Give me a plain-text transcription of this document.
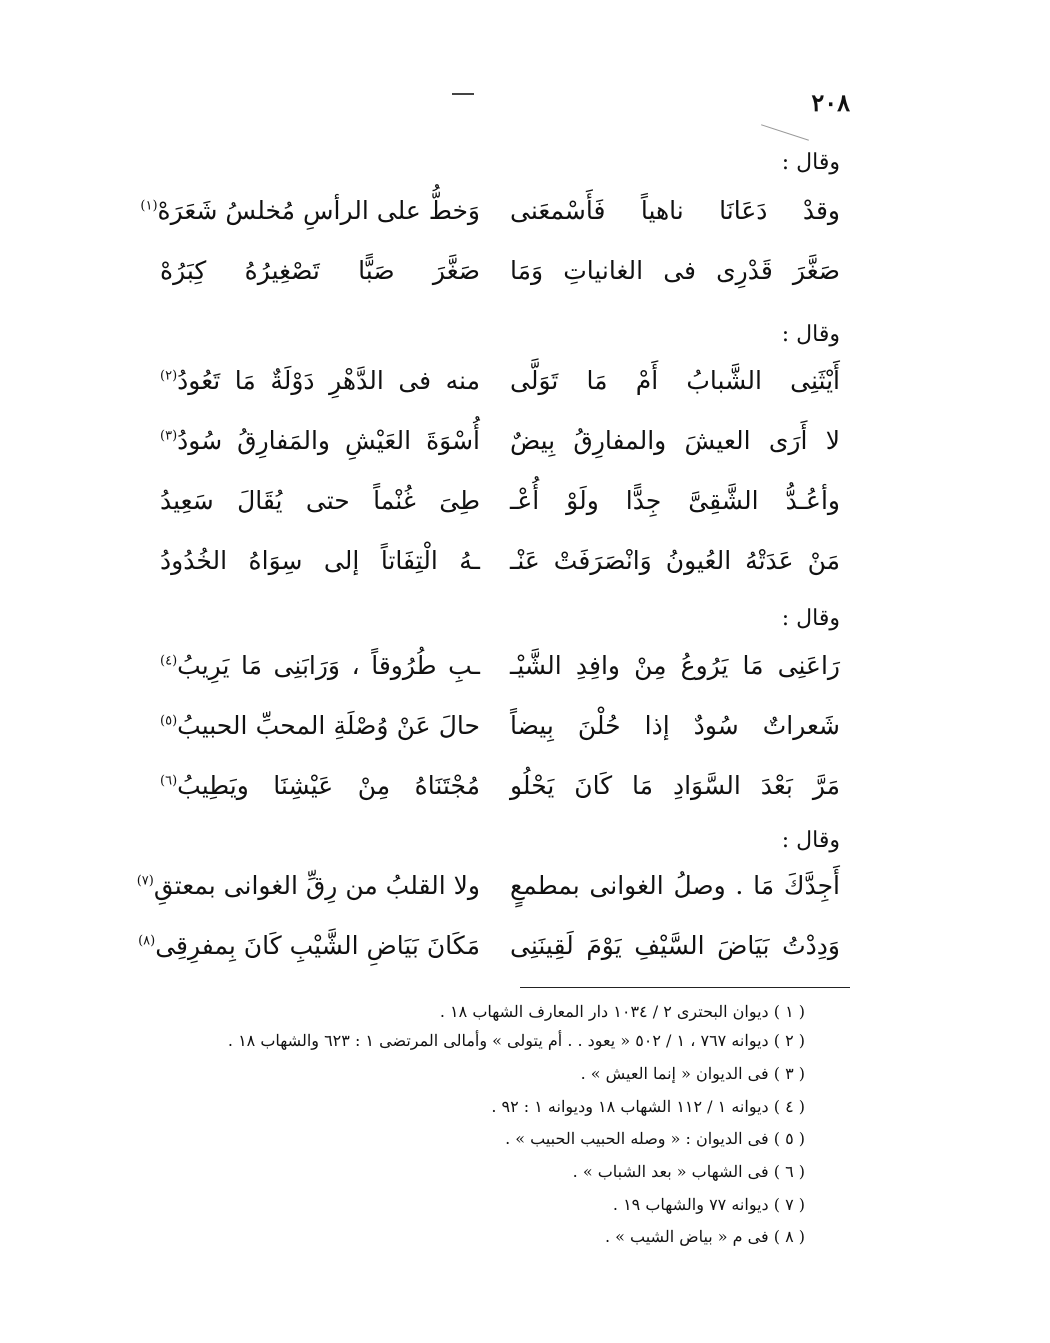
٢٠٨
وقال :
وقدْ دَعَانَا ناهياً فَأَسْمعَنى
وَخطُّ على الرأسِ مُخلسُ شَعَرَهْ$^{(١)}$
صَغَّرَ قَدْرِى فى الغانياتِ وَمَا
صَغَّرَ صَبًّا تَصْغِيرُهُ كِبَرُهْ
وقال :
أَيْثَنِى الشَّبابُ أَمْ مَا تَوَلَّى
منه فى الدَّهْرِ دَوْلَةٌ مَا تَعُودُ$^{(٢)}$
لا أَرَى العيشَ والمفارِقُ بِيضٌ
أُسْوَةَ العَيْشِ والمَفارِقُ سُودُ$^{(٣)}$
وأعُـدُّ الشَّقِىَّ جِدًّا ولَوْ أُعْـ
طِىَ غُنْماً حتى يُقَالَ سَعِيدُ
مَنْ عَدَتْهُ العُيونُ وَانْصَرَفَتْ عَنْـ
ـهُ الْتِفَاتاً إلى سِوَاهُ الخُدُودُ
وقال :
رَاعَنِى مَا يَرُوعُ مِنْ وافِدِ الشَّيْـ
ـبِ طُرُوقاً ، وَرَابَنِى مَا يَرِيبُ$^{(٤)}$
شَعراتٌ سُودٌ إذا حُلْنَ بِيضاً
حالَ عَنْ وُصْلَةِ المحبِّ الحبيبُ$^{(٥)}$
مَرَّ بَعْدَ السَّوَادِ مَا كَانَ يَحْلُو
مُجْتَنَاهُ مِنْ عَيْشِنَا ويَطِيبُ$^{(٦)}$
وقال :
أَجِدَّكَ مَا . وصلُ الغوانى بمطمعٍ
ولا القلبُ من رِقِّ الغوانى بمعتقِ$^{(٧)}$
وَدِدْتُ بَيَاضَ السَّيْفِ يَوْمَ لَقِينَنِى
مَكَانَ بَيَاضِ الشَّيْبِ كَانَ بِمفرِقِى$^{(٨)}$
( ١ ) ديوان البحترى ٢ / ١٠٣٤ دار المعارف الشهاب ١٨ .
( ٢ ) ديوانه ٧٦٧ ، ١ / ٥٠٢ « يعود . . أم يتولى » وأمالى المرتضى ١ : ٦٢٣ والشهاب ١٨ .
( ٣ ) فى الديوان « إنما العيش » .
( ٤ ) ديوانه ١ / ١١٢ الشهاب ١٨ وديوانه ١ : ٩٢ .
( ٥ ) فى الديوان : « وصله الحبيب الحبيب » .
( ٦ ) فى الشهاب « بعد الشباب » .
( ٧ ) ديوانه ٧٧ والشهاب ١٩ .
( ٨ ) فى م « بياض الشيب » .
